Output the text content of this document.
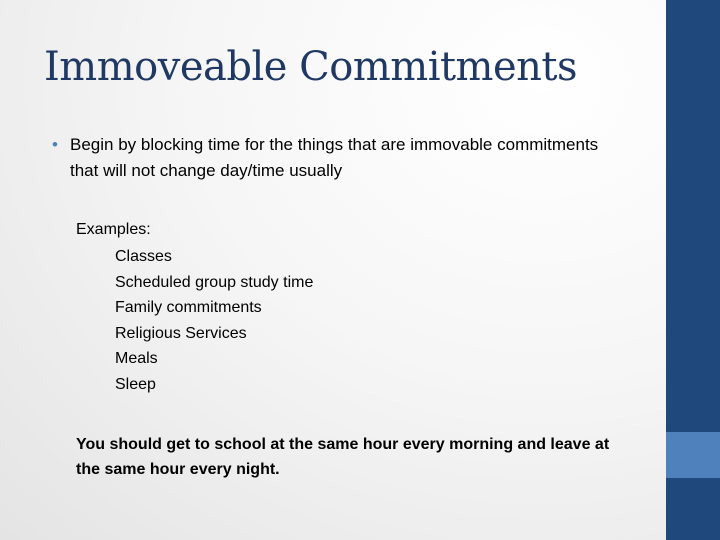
Immoveable Commitments
• Begin by blocking time for the things that are immovable commitments that will not change day/time usually
Examples:
Classes
Scheduled group study time
Family commitments
Religious Services
Meals
Sleep
You should get to school at the same hour every morning and leave at the same hour every night.
